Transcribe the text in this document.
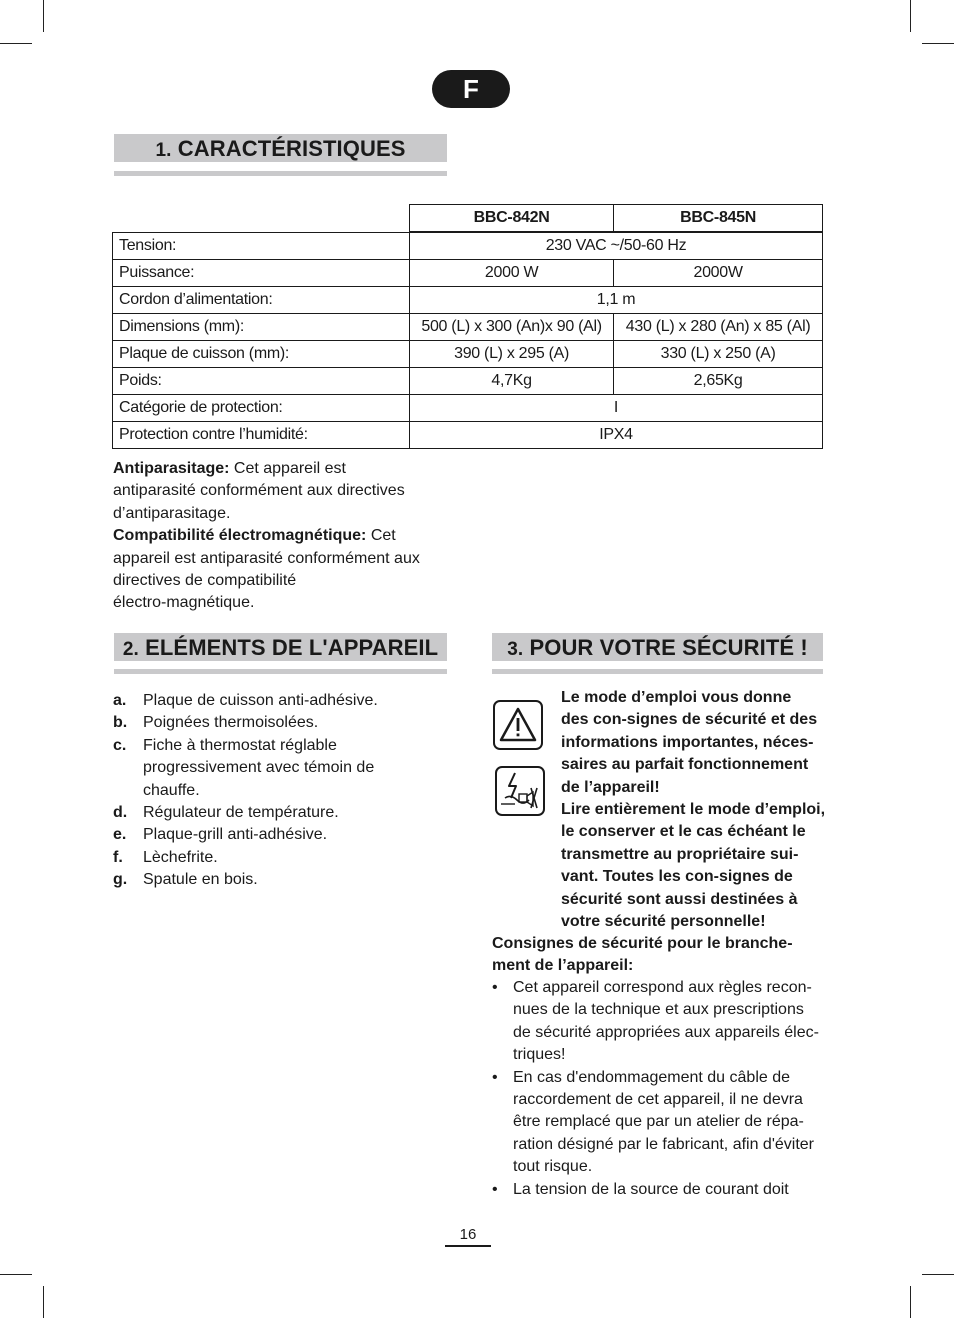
F
1. CARACTÉRISTIQUES
	BBC-842N	BBC-845N
Tension:	230 VAC ~/50-60 Hz	
Puissance:	2000 W	2000W
Cordon d’alimentation:	1,1 m	
Dimensions (mm):	500 (L) x 300 (An)x 90 (Al)	430 (L) x 280 (An) x 85 (Al)
Plaque de cuisson (mm):	390 (L) x 295 (A)	330 (L) x 250 (A)
Poids:	4,7Kg	2,65Kg
Catégorie de protection:	I	
Protection contre l’humidité:	IPX4	
Antiparasitage: Cet appareil est
antiparasité conformément aux directives
d’antiparasitage.
Compatibilité électromagnétique: Cet
appareil est antiparasité conformément aux
directives de compatibilité
électro-magnétique.
2. ELÉMENTS DE L'APPAREIL
a. Plaque de cuisson anti-adhésive.
b. Poignées thermoisolées.
c. Fiche à thermostat réglable
progressivement avec témoin de
chauffe.
d. Régulateur de température.
e. Plaque-grill anti-adhésive.
f. Lèchefrite.
g. Spatule en bois.
3. POUR VOTRE SÉCURITÉ !
Le mode d’emploi vous donne
des con-signes de sécurité et des
informations importantes, néces-
saires au parfait fonctionnement
de l’appareil!
Lire entièrement le mode d’emploi,
le conserver et le cas échéant le
transmettre au propriétaire sui-
vant. Toutes les con-signes de
sécurité sont aussi destinées à
votre sécurité personnelle!
Consignes de sécurité pour le branche-
ment de l’appareil:
• Cet appareil correspond aux règles recon-
nues de la technique et aux prescriptions
de sécurité appropriées aux appareils élec-
triques!
• En cas d'endommagement du câble de
raccordement de cet appareil, il ne devra
être remplacé que par un atelier de répa-
ration désigné par le fabricant, afin d'éviter
tout risque.
• La tension de la source de courant doit
16
